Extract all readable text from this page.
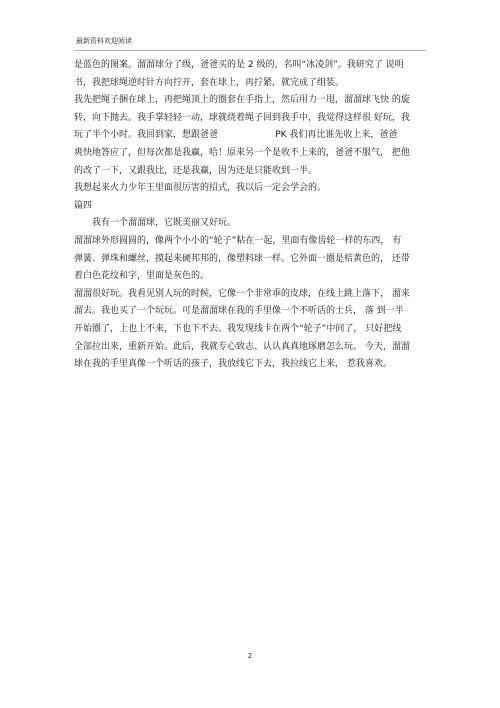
最新资料欢迎阅读

是蓝色的图案。溜溜球分了级，爸爸买的是 2 级的，名叫“冰凌剑”。我研究了 说明

书，我把球绳逆时针方向拧开，套在球上，再拧紧，就完成了组装。

我先把绳子捆在球上，再把绳顶上的圈套在手指上，然后用力一甩，溜溜球飞快 的旋

转，向下抛去。我手掌轻轻一动，球就绕着绳子回到我手中，我觉得这样很 好玩，我

玩了半个小时。我回到家，想跟爸爸                    PK 我们再比谁先收上来，爸爸

爽快地答应了，但每次都是我赢，哈！原来另一个是收不上来的，爸爸不服气， 把他

的改了一下，又跟我比，还是我赢，因为还是只能收到一半。

我想起来火力少年王里面很厉害的招式，我以后一定会学会的。

篇四

我有一个溜溜球，它既美丽又好玩。

溜溜球外形圆圆的，像两个小小的“轮子”粘在一起，里面有像齿轮一样的东西， 有

弹簧、弹珠和螺丝，摸起来硬邦邦的，像塑料球一样。它外面一圈是桔黄色的， 还带

着白色花纹和字，里面是灰色的。

溜溜很好玩。我看见别人玩的时候，它像一个非常乖的皮球，在线上跳上落下， 溜来

溜去。我也买了一个玩玩。可是溜溜球在我的手里像一个不听话的士兵， 落 到一半

开始圈了，上也上不来，下也下不去。我发现线卡在两个“轮子”中间了， 只好把线

全部拉出来，重新开始。此后，我就专心致志、认认真真地琢磨怎么玩。 今天，溜溜

球在我的手里真像一个听话的孩子，我放线它下去，我拉线它上来， 惹我喜欢。

2
